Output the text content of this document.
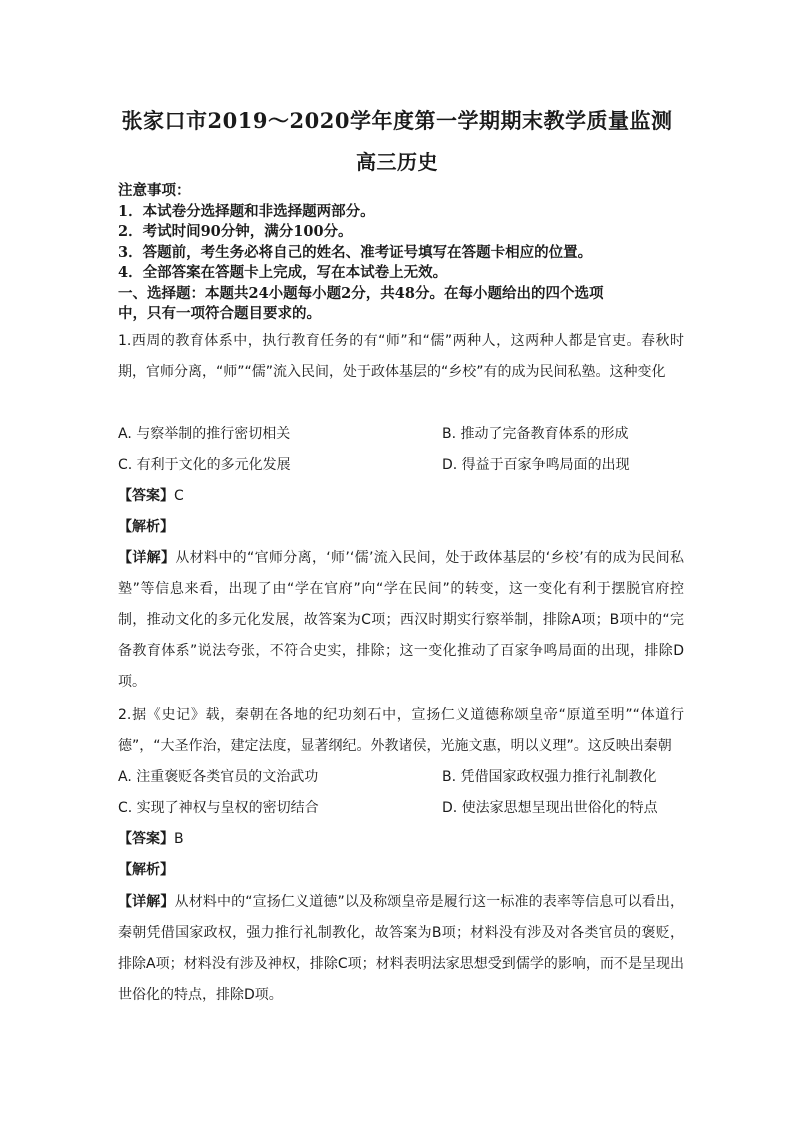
张家口市2019～2020学年度第一学期期末教学质量监测
高三历史
注意事项：
1．本试卷分选择题和非选择题两部分。
2．考试时间90分钟，满分100分。
3．答题前，考生务必将自己的姓名、准考证号填写在答题卡相应的位置。
4．全部答案在答题卡上完成，写在本试卷上无效。
一、选择题：本题共24小题每小题2分，共48分。在每小题给出的四个选项
中，只有一项符合题目要求的。
1.西周的教育体系中，执行教育任务的有“师”和“儒”两种人，这两种人都是官吏。春秋时期，官师分离，“师”“儒”流入民间，处于政体基层的“乡校”有的成为民间私塾。这种变化
A. 与察举制的推行密切相关	B. 推动了完备教育体系的形成
C. 有利于文化的多元化发展	D. 得益于百家争鸣局面的出现
【答案】C
【解析】
【详解】从材料中的“官师分离，‘师’‘儒’流入民间，处于政体基层的‘乡校’有的成为民间私塾”等信息来看，出现了由“学在官府”向“学在民间”的转变，这一变化有利于摆脱官府控制，推动文化的多元化发展，故答案为C项；西汉时期实行察举制，排除A项；B项中的“完备教育体系”说法夸张，不符合史实，排除；这一变化推动了百家争鸣局面的出现，排除D项。
2.据《史记》载，秦朝在各地的纪功刻石中，宣扬仁义道德称颂皇帝“原道至明”“体道行德”，“大圣作治，建定法度，显著纲纪。外教诸侯，光施文惠，明以义理”。这反映出秦朝
A. 注重褒贬各类官员的文治武功	B. 凭借国家政权强力推行礼制教化
C. 实现了神权与皇权的密切结合	D. 使法家思想呈现出世俗化的特点
【答案】B
【解析】
【详解】从材料中的“宣扬仁义道德”以及称颂皇帝是履行这一标准的表率等信息可以看出，秦朝凭借国家政权，强力推行礼制教化，故答案为B项；材料没有涉及对各类官员的褒贬，排除A项；材料没有涉及神权，排除C项；材料表明法家思想受到儒学的影响，而不是呈现出世俗化的特点，排除D项。
